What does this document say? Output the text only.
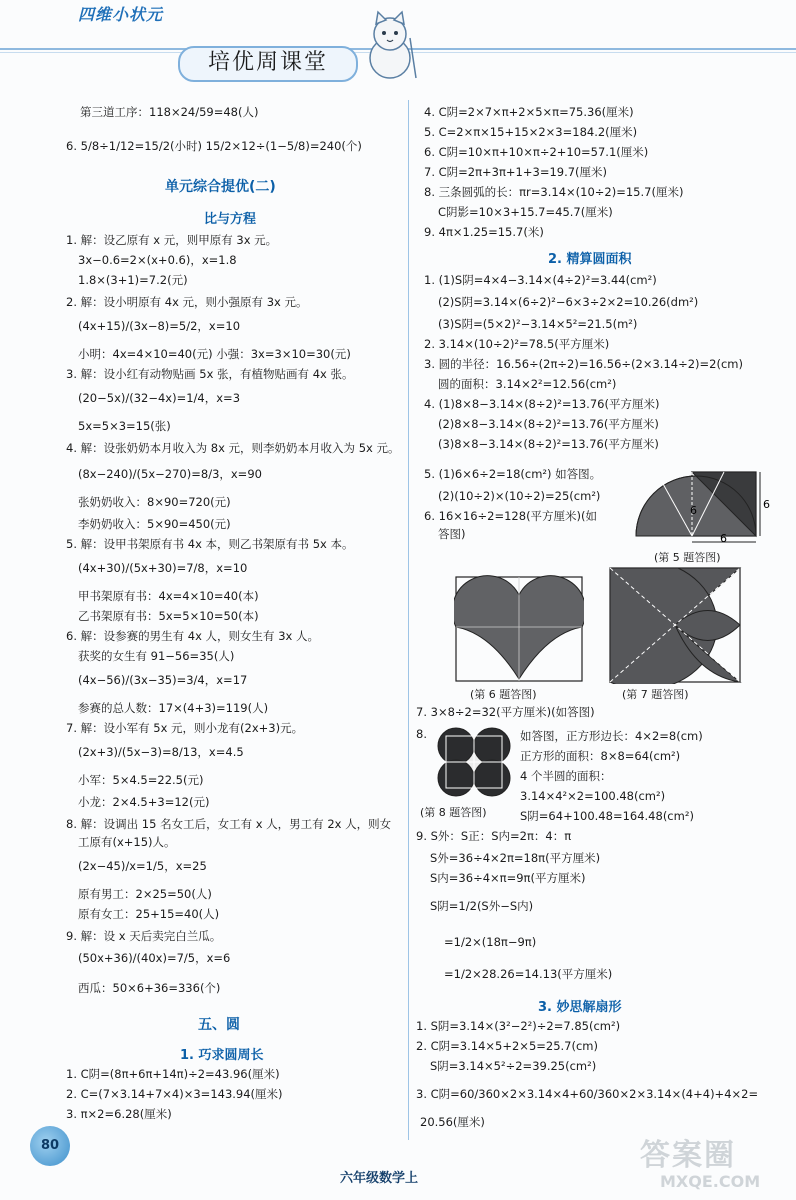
四维小状元
培优周课堂
第三道工序：118×24/59=48(人)
6. 5/8÷1/12=15/2(小时) 15/2×12÷(1−5/8)=240(个)
单元综合提优(二)
比与方程
1. 解：设乙原有 x 元，则甲原有 3x 元。
3x−0.6=2×(x+0.6)，x=1.8
1.8×(3+1)=7.2(元)
2. 解：设小明原有 4x 元，则小强原有 3x 元。
(4x+15)/(3x−8)=5/2，x=10
小明：4x=4×10=40(元) 小强：3x=3×10=30(元)
3. 解：设小红有动物贴画 5x 张，有植物贴画有 4x 张。
(20−5x)/(32−4x)=1/4，x=3
5x=5×3=15(张)
4. 解：设张奶奶本月收入为 8x 元，则李奶奶本月收入为 5x 元。
(8x−240)/(5x−270)=8/3，x=90
张奶奶收入：8×90=720(元)
李奶奶收入：5×90=450(元)
5. 解：设甲书架原有书 4x 本，则乙书架原有书 5x 本。
(4x+30)/(5x+30)=7/8，x=10
甲书架原有书：4x=4×10=40(本)
乙书架原有书：5x=5×10=50(本)
6. 解：设参赛的男生有 4x 人，则女生有 3x 人。
获奖的女生有 91−56=35(人)
(4x−56)/(3x−35)=3/4，x=17
参赛的总人数：17×(4+3)=119(人)
7. 解：设小军有 5x 元，则小龙有(2x+3)元。
(2x+3)/(5x−3)=8/13，x=4.5
小军：5×4.5=22.5(元)
小龙：2×4.5+3=12(元)
8. 解：设调出 15 名女工后，女工有 x 人，男工有 2x 人，则女
工原有(x+15)人。
(2x−45)/x=1/5，x=25
原有男工：2×25=50(人)
原有女工：25+15=40(人)
9. 解：设 x 天后卖完白兰瓜。
(50x+36)/(40x)=7/5，x=6
西瓜：50×6+36=336(个)
五、圆
1. 巧求圆周长
1. C阴=(8π+6π+14π)÷2=43.96(厘米)
2. C=(7×3.14+7×4)×3=143.94(厘米)
3. π×2=6.28(厘米)
4. C阴=2×7×π+2×5×π=75.36(厘米)
5. C=2×π×15+15×2×3=184.2(厘米)
6. C阴=10×π+10×π÷2+10=57.1(厘米)
7. C阴=2π+3π+1+3=19.7(厘米)
8. 三条圆弧的长：πr=3.14×(10÷2)=15.7(厘米)
C阴影=10×3+15.7=45.7(厘米)
9. 4π×1.25=15.7(米)
2. 精算圆面积
1. (1)S阴=4×4−3.14×(4÷2)²=3.44(cm²)
(2)S阴=3.14×(6÷2)²−6×3÷2×2=10.26(dm²)
(3)S阴=(5×2)²−3.14×5²=21.5(m²)
2. 3.14×(10÷2)²=78.5(平方厘米)
3. 圆的半径：16.56÷(2π÷2)=16.56÷(2×3.14÷2)=2(cm)
圆的面积：3.14×2²=12.56(cm²)
4. (1)8×8−3.14×(8÷2)²=13.76(平方厘米)
(2)8×8−3.14×(8÷2)²=13.76(平方厘米)
(3)8×8−3.14×(8÷2)²=13.76(平方厘米)
5. (1)6×6÷2=18(cm²) 如答图。
(2)(10÷2)×(10÷2)=25(cm²)
6. 16×16÷2=128(平方厘米)(如
答图)
6
6
6
(第 5 题答图)
(第 6 题答图)	(第 7 题答图)
7. 3×8÷2=32(平方厘米)(如答图)
8.
(第 8 题答图)
如答图，正方形边长：4×2=8(cm)
正方形的面积：8×8=64(cm²)
4 个半圆的面积：
3.14×4²×2=100.48(cm²)
S阴=64+100.48=164.48(cm²)
9. S外：S正：S内=2π：4：π
S外=36÷4×2π=18π(平方厘米)
S内=36÷4×π=9π(平方厘米)
S阴=1/2(S外−S内)
=1/2×(18π−9π)
=1/2×28.26=14.13(平方厘米)
3. 妙思解扇形
1. S阴=3.14×(3²−2²)÷2=7.85(cm²)
2. C阴=3.14×5+2×5=25.7(cm)
S阴=3.14×5²÷2=39.25(cm²)
3. C阴=60/360×2×3.14×4+60/360×2×3.14×(4+4)+4×2=
20.56(厘米)
80
六年级数学上
答案圈
MXQE.COM
